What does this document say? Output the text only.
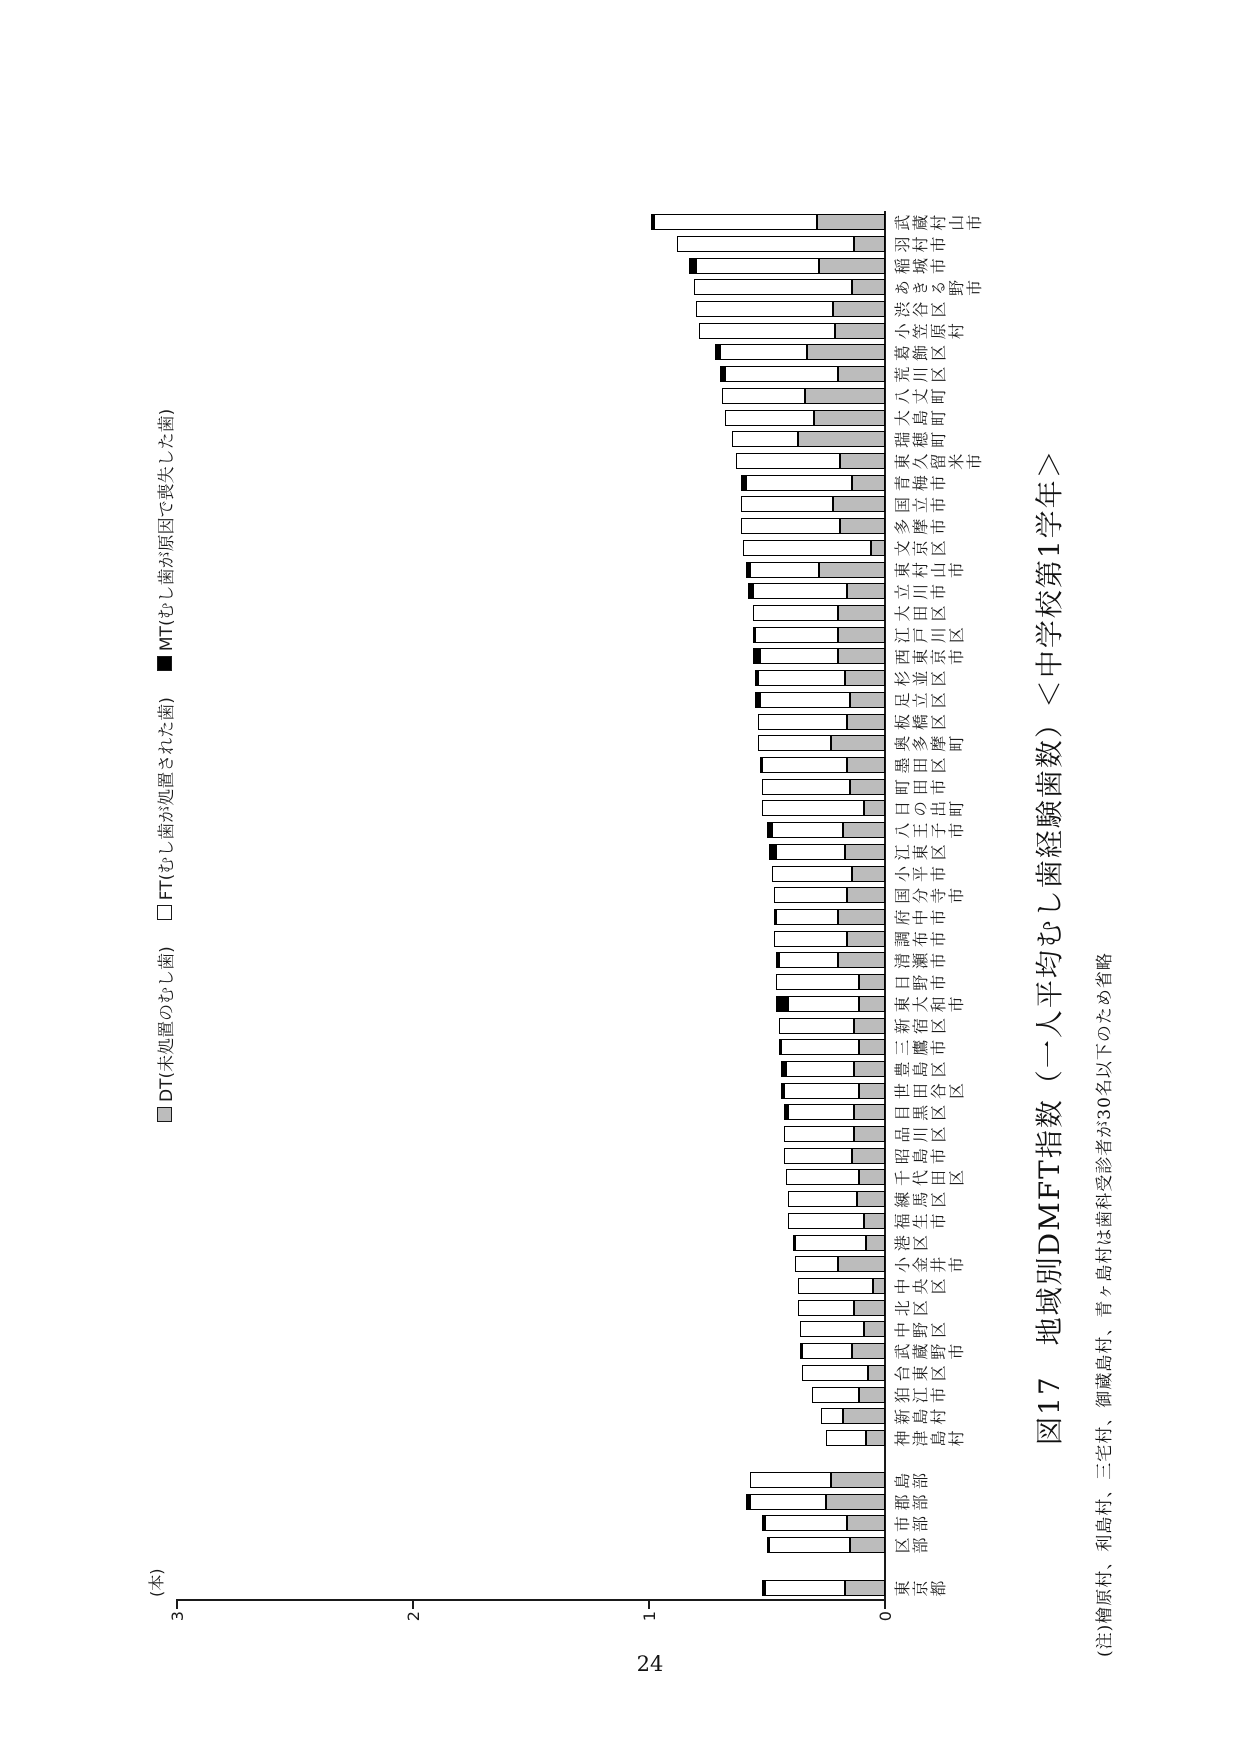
(本)
DT(未処置のむし歯)
FT(むし歯が処置された歯)
MT(むし歯が原因で喪失した歯)
0
1
2
3
東京都
区部
市部
郡部
島部
神津島村
新島村
狛江市
台東区
武蔵野市
中野区
北区
中央区
小金井市
港区
福生市
練馬区
千代田区
昭島市
品川区
目黒区
世田谷区
豊島区
三鷹市
新宿区
東大和市
日野市
清瀬市
調布市
府中市
国分寺市
小平市
江東区
八王子市
日の出町
町田市
墨田区
奥多摩町
板橋区
足立区
杉並区
西東京市
江戸川区
大田区
立川市
東村山市
文京区
多摩市
国立市
青梅市
東久留米市
瑞穂町
大島町
八丈町
荒川区
葛飾区
小笠原村
渋谷区
あきる野市
稲城市
羽村市
武蔵村山市
図17　地域別DMFT指数（一人平均むし歯経験歯数）＜中学校第1学年＞ (注)檜原村、利島村、三宅村、御蔵島村、青ヶ島村は歯科受診者が30名以下のため省略
24
